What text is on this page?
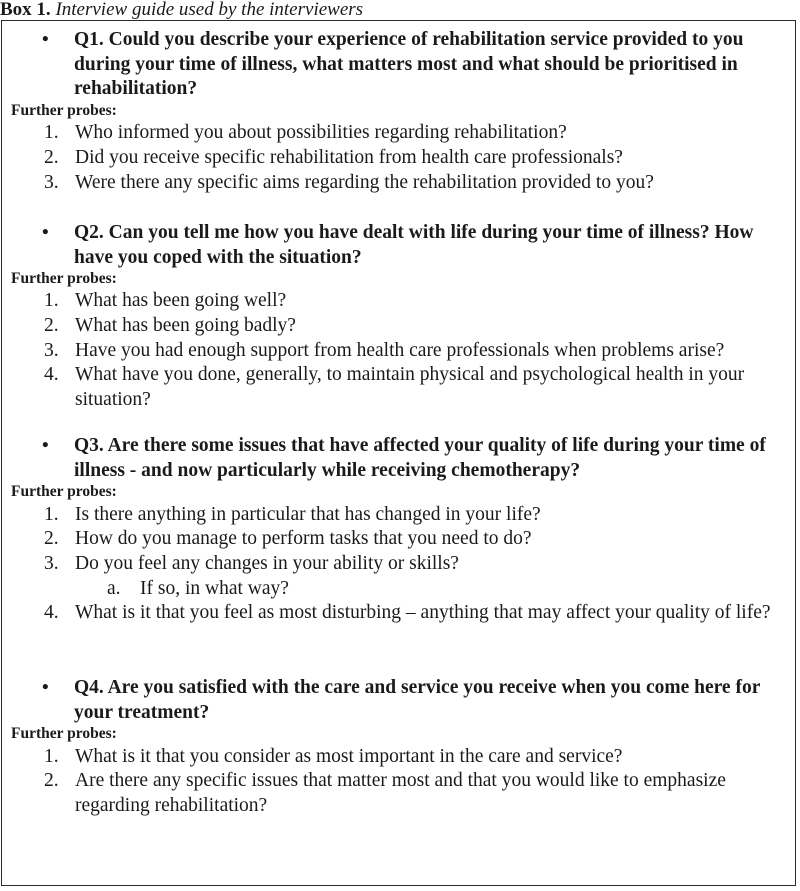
Box 1. Interview guide used by the interviewers
•	Q1. Could you describe your experience of rehabilitation service provided to you during your time of illness, what matters most and what should be prioritised in rehabilitation?
Further probes:
1. Who informed you about possibilities regarding rehabilitation?
2. Did you receive specific rehabilitation from health care professionals?
3. Were there any specific aims regarding the rehabilitation provided to you?
•	Q2. Can you tell me how you have dealt with life during your time of illness? How have you coped with the situation?
Further probes:
1. What has been going well?
2. What has been going badly?
3. Have you had enough support from health care professionals when problems arise?
4. What have you done, generally, to maintain physical and psychological health in your situation?
•	Q3. Are there some issues that have affected your quality of life during your time of illness - and now particularly while receiving chemotherapy?
Further probes:
1. Is there anything in particular that has changed in your life?
2. How do you manage to perform tasks that you need to do?
3. Do you feel any changes in your ability or skills?
a. If so, in what way?
4. What is it that you feel as most disturbing – anything that may affect your quality of life?
•	Q4. Are you satisfied with the care and service you receive when you come here for your treatment?
Further probes:
1. What is it that you consider as most important in the care and service?
2. Are there any specific issues that matter most and that you would like to emphasize regarding rehabilitation?
